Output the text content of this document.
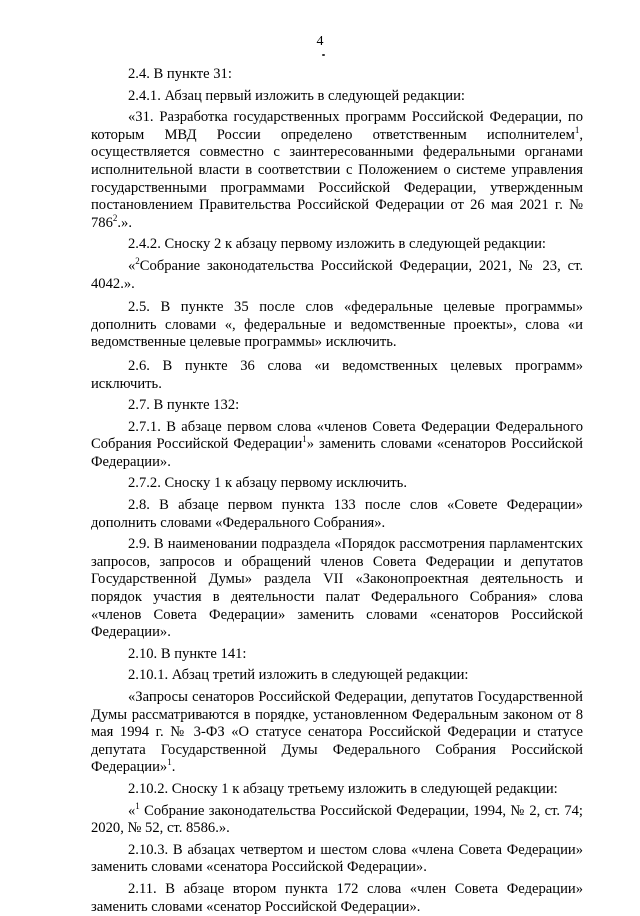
4

2.4. В пункте 31:

2.4.1. Абзац первый изложить в следующей редакции:

«31. Разработка государственных программ Российской Федерации, по которым МВД России определено ответственным исполнителем$^1$, осуществляется совместно с заинтересованными федеральными органами исполнительной власти в соответствии с Положением о системе управления государственными программами Российской Федерации, утвержденным постановлением Правительства Российской Федерации от 26 мая 2021 г. № $786^2$.».

2.4.2. Сноску 2 к абзацу первому изложить в следующей редакции:

«$^2$Собрание законодательства Российской Федерации, 2021, № 23, ст. 4042.».

2.5. В пункте 35 после слов «федеральные целевые программы» дополнить словами «, федеральные и ведомственные проекты», слова «и ведомственные целевые программы» исключить.

2.6. В пункте 36 слова «и ведомственных целевых программ» исключить.

2.7. В пункте 132:

2.7.1. В абзаце первом слова «членов Совета Федерации Федерального Собрания Российской Федерации$^1$» заменить словами «сенаторов Российской Федерации».

2.7.2. Сноску 1 к абзацу первому исключить.

2.8. В абзаце первом пункта 133 после слов «Совете Федерации» дополнить словами «Федерального Собрания».

2.9. В наименовании подраздела «Порядок рассмотрения парламентских запросов, запросов и обращений членов Совета Федерации и депутатов Государственной Думы» раздела VII «Законопроектная деятельность и порядок участия в деятельности палат Федерального Собрания» слова «членов Совета Федерации» заменить словами «сенаторов Российской Федерации».

2.10. В пункте 141:

2.10.1. Абзац третий изложить в следующей редакции:

«Запросы сенаторов Российской Федерации, депутатов Государственной Думы рассматриваются в порядке, установленном Федеральным законом от 8 мая 1994 г. № 3-ФЗ «О статусе сенатора Российской Федерации и статусе депутата Государственной Думы Федерального Собрания Российской Федерации»$^1$.

2.10.2. Сноску 1 к абзацу третьему изложить в следующей редакции:

«$^1$ Собрание законодательства Российской Федерации, 1994, № 2, ст. 74; 2020, № 52, ст. 8586.».

2.10.3. В абзацах четвертом и шестом слова «члена Совета Федерации» заменить словами «сенатора Российской Федерации».

2.11. В абзаце втором пункта 172 слова «член Совета Федерации» заменить словами «сенатор Российской Федерации».
